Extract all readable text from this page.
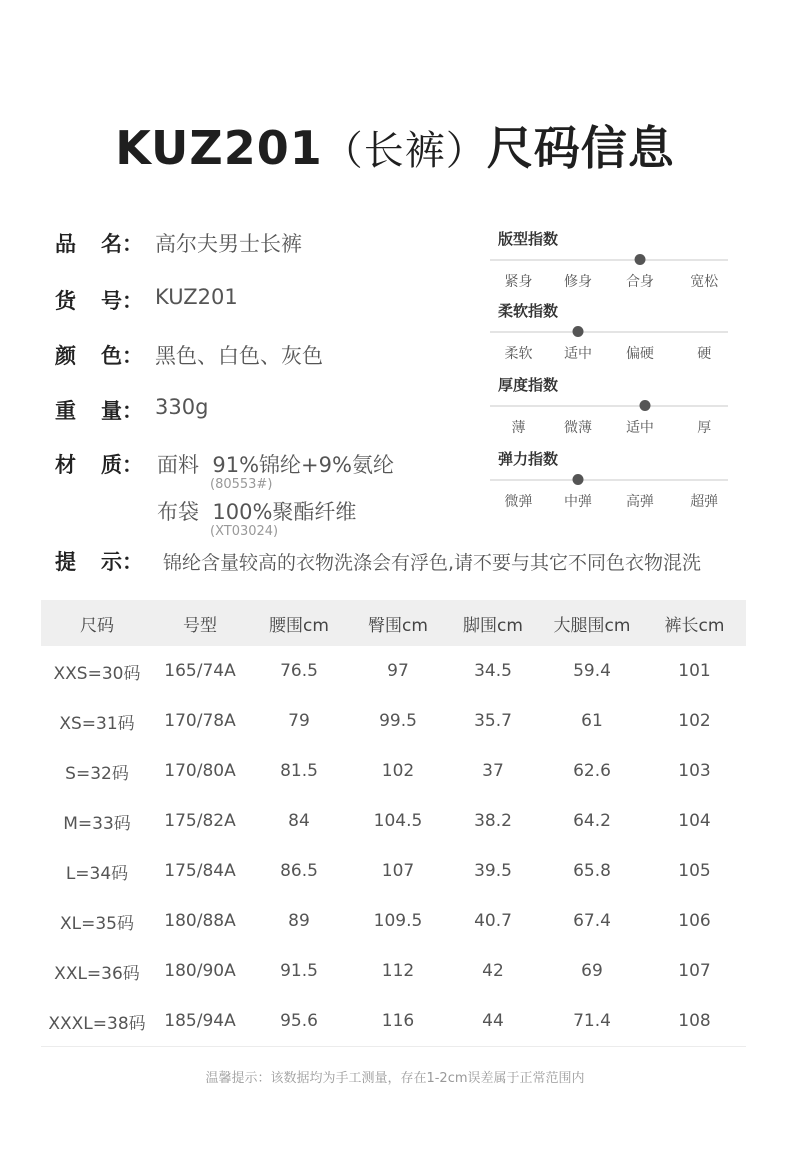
KUZ201（长裤）尺码信息
品 名： 高尔夫男士长裤
货 号： KUZ201
颜 色： 黑色、白色、灰色
重 量： 330g
材 质： 面料 91%锦纶+9%氨纶
(80553#)
布袋 100%聚酯纤维
(XT03024)
提 示：	锦纶含量较高的衣物洗涤会有浮色,请不要与其它不同色衣物混洗
版型指数
紧身 修身 合身	宽松
柔软指数
柔软 适中 偏硬	硬
厚度指数
薄	微薄 适中	厚
弹力指数
微弹 中弹 高弹	超弹
尺码	号型	腰围cm	臀围cm	脚围cm	大腿围cm	裤长cm
XXS=30码	165/74A	76.5	97	34.5	59.4	101
XS=31码	170/78A	79	99.5	35.7	61	102
S=32码	170/80A	81.5	102	37	62.6	103
M=33码	175/82A	84	104.5	38.2	64.2	104
L=34码	175/84A	86.5	107	39.5	65.8	105
XL=35码	180/88A	89	109.5	40.7	67.4	106
XXL=36码	180/90A	91.5	112	42	69	107
XXXL=38码	185/94A	95.6	116	44	71.4	108
温馨提示：该数据均为手工测量，存在1-2cm误差属于正常范围内
